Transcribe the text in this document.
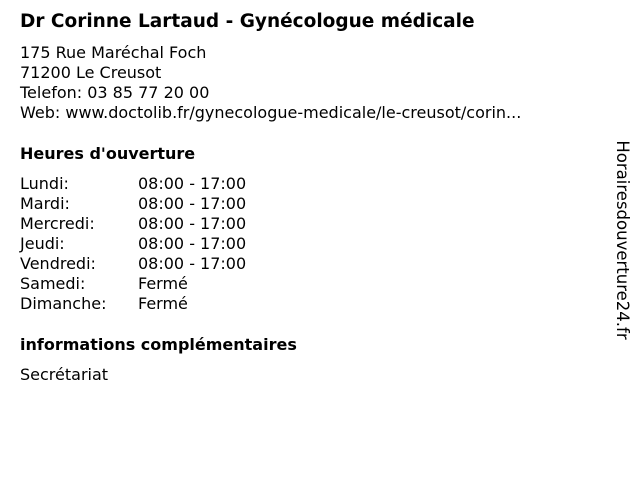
Dr Corinne Lartaud - Gynécologue médicale
175 Rue Maréchal Foch
71200 Le Creusot
Telefon: 03 85 77 20 00
Web: www.doctolib.fr/gynecologue-medicale/le-creusot/corin...
Heures d'ouverture
Lundi:	08:00 - 17:00
Mardi:	08:00 - 17:00
Mercredi:	08:00 - 17:00
Jeudi:	08:00 - 17:00
Vendredi:	08:00 - 17:00
Samedi:	Fermé
Dimanche:	Fermé
informations complémentaires
Secrétariat
Horairesdouverture24.fr
